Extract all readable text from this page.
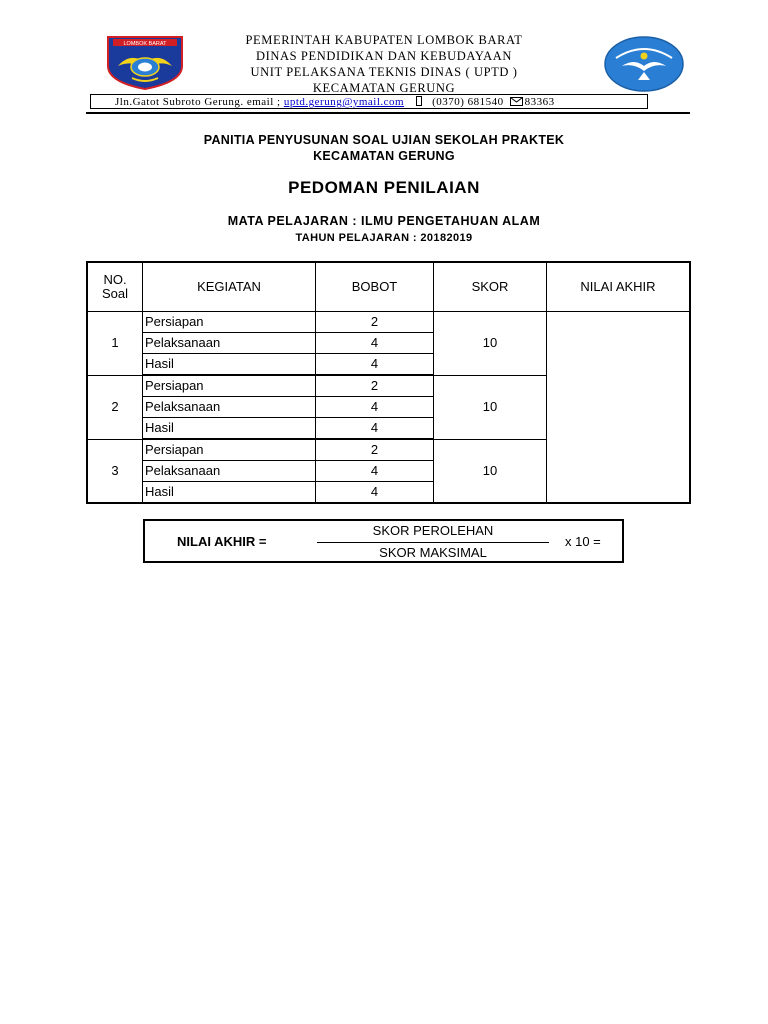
LOMBOK BARAT	PEMERINTAH KABUPATEN LOMBOK BARAT
DINAS PENDIDIKAN DAN KEBUDAYAAN
UNIT PELAKSANA TEKNIS DINAS ( UPTD )
KECAMATAN GERUNG
Jln.Gatot Subroto Gerung. email ; uptd.gerung@ymail.com	(0370) 681540 83363
PANITIA PENYUSUNAN SOAL UJIAN SEKOLAH PRAKTEK
KECAMATAN GERUNG
PEDOMAN PENILAIAN
MATA PELAJARAN : ILMU PENGETAHUAN ALAM
TAHUN PELAJARAN : 20182019
NO.
Soal	KEGIATAN	BOBOT	SKOR	NILAI AKHIR
1	Persiapan	2	10	
	Pelaksanaan	4		
	Hasil	4		
2	Persiapan	2	10	
	Pelaksanaan	4		
	Hasil	4		
3	Persiapan	2	10	
	Pelaksanaan	4		
	Hasil	4		
NILAI AKHIR =
SKOR PEROLEHAN
SKOR MAKSIMAL
x 10 =
